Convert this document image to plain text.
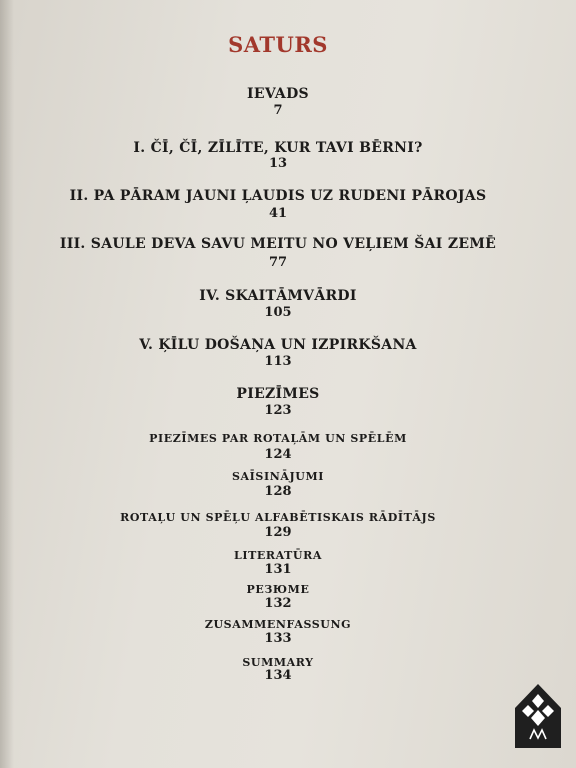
SATURS
IEVADS
7
I. ČĪ, ČĪ, ZĪLĪTE, KUR TAVI BĒRNI?
13
II. PA PĀRAM JAUNI ĻAUDIS UZ RUDENI PĀROJAS
41
III. SAULE DEVA SAVU MEITU NO VEĻIEM ŠAI ZEMĒ
77
IV. SKAITĀMVĀRDI
105
V. ĶĪLU DOŠAŅA UN IZPIRKŠANA
113
PIEZĪMES
123
PIEZĪMES PAR ROTAĻĀM UN SPĒLĒM
124
SAĪSINĀJUMI
128
ROTAĻU UN SPĒĻU ALFABĒTISKAIS RĀDĪTĀJS
129
LITERATŪRA
131
РЕЗЮМЕ
132
ZUSAMMENFASSUNG
133
SUMMARY
134
